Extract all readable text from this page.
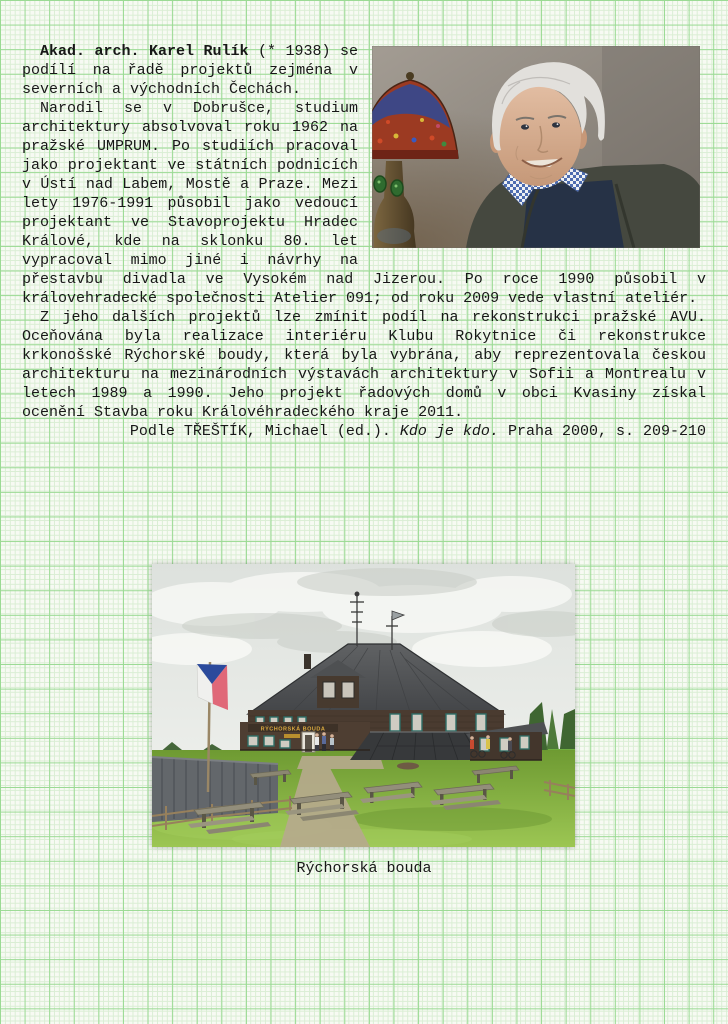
Akad. arch. Karel Rulík (* 1938) se podílí na řadě projektů zejména v severních a východních Čechách.

Narodil se v Dobrušce, studium architektury absolvoval roku 1962 na pražské UMPRUM. Po studiích pracoval jako projektant ve státních podnicích v Ústí nad Labem, Mostě a Praze. Mezi lety 1976-1991 působil jako vedoucí projektant ve Stavoprojektu Hradec Králové, kde na sklonku 80. let vypracoval mimo jiné i návrhy na přestavbu divadla ve Vysokém nad Jizerou. Po roce 1990 působil v královehradecké společnosti Atelier 091; od roku 2009 vede vlastní ateliér.

Z jeho dalších projektů lze zmínit podíl na rekonstrukci pražské AVU. Oceňována byla realizace interiéru Klubu Rokytnice či rekonstrukce krkonošské Rýchorské boudy, která byla vybrána, aby reprezentovala českou architekturu na mezinárodních výstavách architektury v Sofii a Montrealu v letech 1989 a 1990. Jeho projekt řadových domů v obci Kvasiny získal ocenění Stavba roku Královéhradeckého kraje 2011.

Podle TŘEŠTÍK, Michael (ed.). Kdo je kdo. Praha 2000, s. 209-210

RÝCHORSKÁ BOUDA
Rýchorská bouda
